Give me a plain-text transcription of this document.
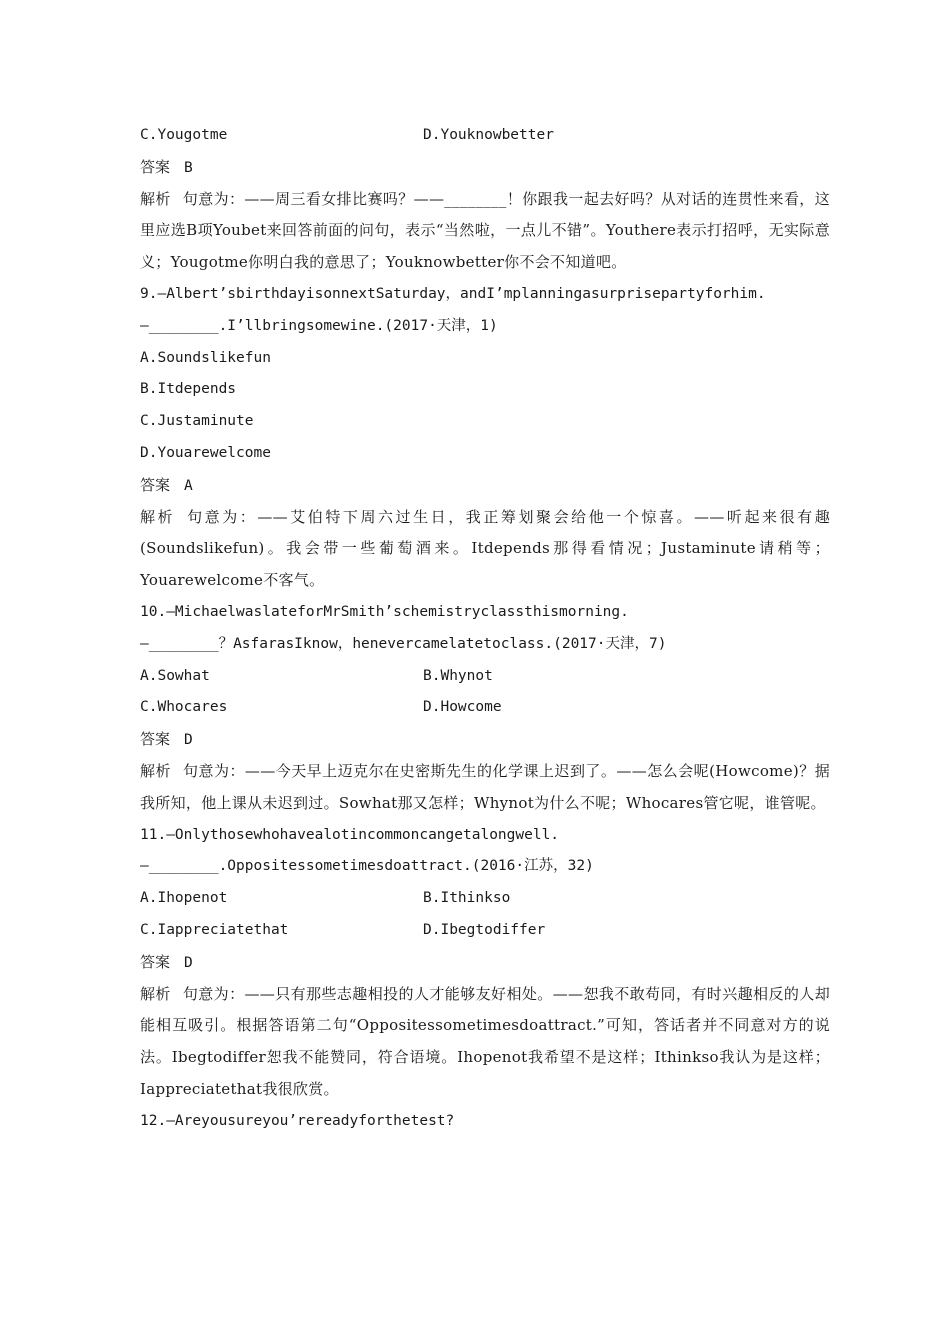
C.Yougotme	D.Youknowbetter
答案 B
解析 句意为：——周三看女排比赛吗？——________！你跟我一起去好吗？从对话的连贯性来看，这里应选B项Youbet来回答前面的问句，表示“当然啦，一点儿不错”。Youthere表示打招呼，无实际意义；Yougotme你明白我的意思了；Youknowbetter你不会不知道吧。
9.—Albert’sbirthdayisonnextSaturday，andI’mplanningasurprisepartyforhim.
—________.I’llbringsomewine.(2017·天津，1)
A.Soundslikefun
B.Itdepends
C.Justaminute
D.Youarewelcome
答案 A
解析 句意为：——艾伯特下周六过生日，我正筹划聚会给他一个惊喜。——听起来很有趣(Soundslikefun)。我会带一些葡萄酒来。Itdepends那得看情况；Justaminute请稍等；Youarewelcome不客气。
10.—MichaelwaslateforMrSmith’schemistryclassthismorning.
—________？AsfarasIknow，henevercamelatetoclass.(2017·天津，7)
A.Sowhat	B.Whynot
C.Whocares	D.Howcome
答案 D
解析 句意为：——今天早上迈克尔在史密斯先生的化学课上迟到了。——怎么会呢(Howcome)？据我所知，他上课从未迟到过。Sowhat那又怎样；Whynot为什么不呢；Whocares管它呢，谁管呢。
11.—Onlythosewhohavealotincommoncangetalongwell.
—________.Oppositessometimesdoattract.(2016·江苏，32)
A.Ihopenot	B.Ithinkso
C.Iappreciatethat	D.Ibegtodiffer
答案 D
解析 句意为：——只有那些志趣相投的人才能够友好相处。——恕我不敢苟同，有时兴趣相反的人却能相互吸引。根据答语第二句“Oppositessometimesdoattract.”可知，答话者并不同意对方的说法。Ibegtodiffer恕我不能赞同，符合语境。Ihopenot我希望不是这样；Ithinkso我认为是这样；Iappreciatethat我很欣赏。
12.—Areyousureyou’rereadyforthetest?
